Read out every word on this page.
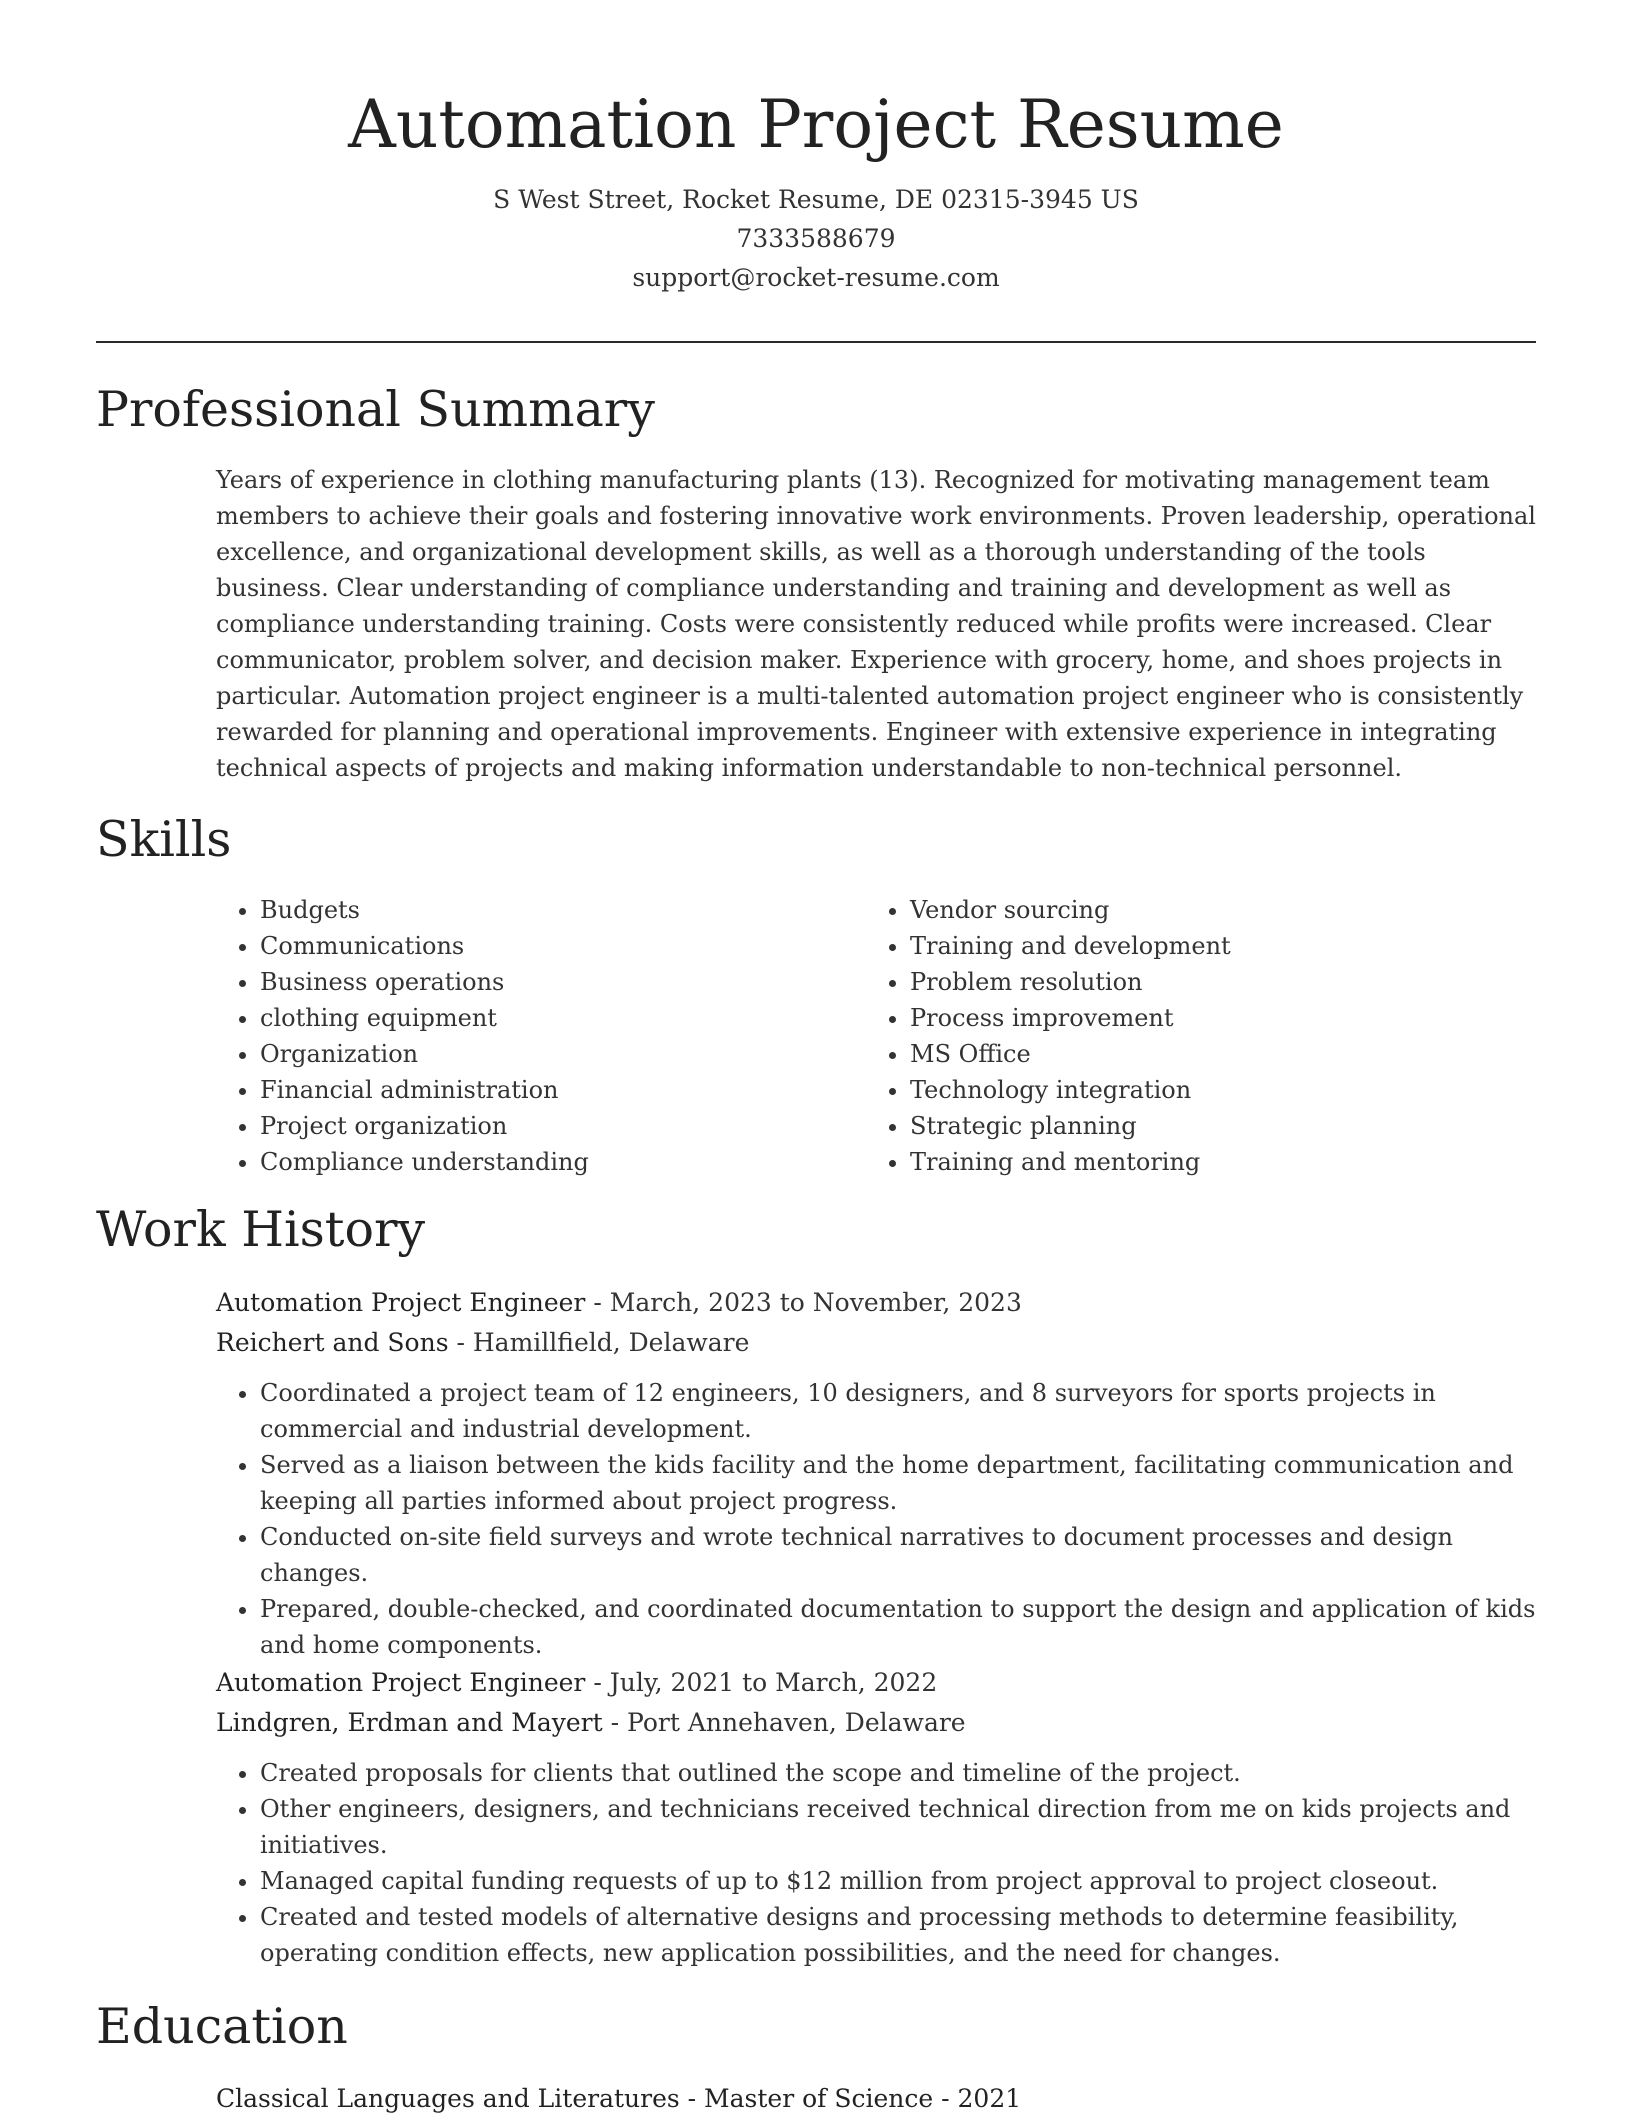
Automation Project Resume
S West Street, Rocket Resume, DE 02315-3945 US
7333588679
support@rocket-resume.com
Professional Summary
Years of experience in clothing manufacturing plants (13). Recognized for motivating management team members to achieve their goals and fostering innovative work environments. Proven leadership, operational excellence, and organizational development skills, as well as a thorough understanding of the tools business. Clear understanding of compliance understanding and training and development as well as compliance understanding training. Costs were consistently reduced while profits were increased. Clear communicator, problem solver, and decision maker. Experience with grocery, home, and shoes projects in particular. Automation project engineer is a multi-talented automation project engineer who is consistently rewarded for planning and operational improvements. Engineer with extensive experience in integrating technical aspects of projects and making information understandable to non-technical personnel.
Skills
• Budgets
• Communications
• Business operations
• clothing equipment
• Organization
• Financial administration
• Project organization
• Compliance understanding
• Vendor sourcing
• Training and development
• Problem resolution
• Process improvement
• MS Office
• Technology integration
• Strategic planning
• Training and mentoring
Work History
Automation Project Engineer - March, 2023 to November, 2023
Reichert and Sons - Hamillfield, Delaware
• Coordinated a project team of 12 engineers, 10 designers, and 8 surveyors for sports projects in commercial and industrial development.
• Served as a liaison between the kids facility and the home department, facilitating communication and keeping all parties informed about project progress.
• Conducted on-site field surveys and wrote technical narratives to document processes and design changes.
• Prepared, double-checked, and coordinated documentation to support the design and application of kids and home components.
Automation Project Engineer - July, 2021 to March, 2022
Lindgren, Erdman and Mayert - Port Annehaven, Delaware
• Created proposals for clients that outlined the scope and timeline of the project.
• Other engineers, designers, and technicians received technical direction from me on kids projects and initiatives.
• Managed capital funding requests of up to $12 million from project approval to project closeout.
• Created and tested models of alternative designs and processing methods to determine feasibility, operating condition effects, new application possibilities, and the need for changes.
Education
Classical Languages and Literatures - Master of Science - 2021
